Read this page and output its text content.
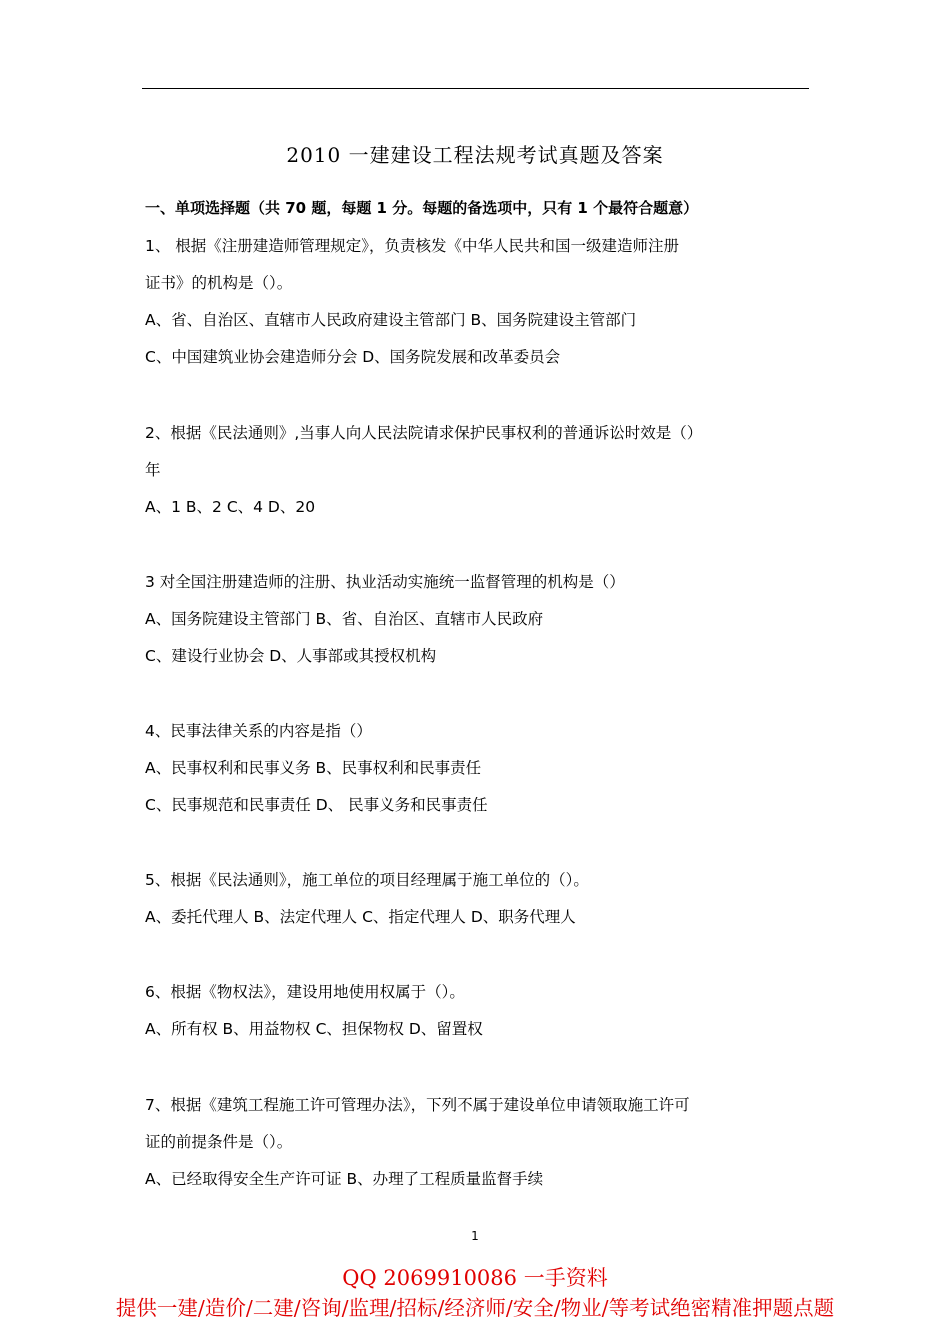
2010 一建建设工程法规考试真题及答案
一、单项选择题（共 70 题，每题 1 分。每题的备选项中，只有 1 个最符合题意）

1、 根据《注册建造师管理规定》，负责核发《中华人民共和国一级建造师注册

证书》的机构是（）。

A、省、自治区、直辖市人民政府建设主管部门 B、国务院建设主管部门

C、中国建筑业协会建造师分会 D、国务院发展和改革委员会

2、根据《民法通则》,当事人向人民法院请求保护民事权利的普通诉讼时效是（）

年

A、1 B、2 C、4 D、20

3 对全国注册建造师的注册、执业活动实施统一监督管理的机构是（）

A、国务院建设主管部门 B、省、自治区、直辖市人民政府

C、建设行业协会 D、人事部或其授权机构

4、民事法律关系的内容是指（）

A、民事权利和民事义务 B、民事权利和民事责任

C、民事规范和民事责任 D、 民事义务和民事责任

5、根据《民法通则》，施工单位的项目经理属于施工单位的（）。

A、委托代理人 B、法定代理人 C、指定代理人 D、职务代理人

6、根据《物权法》，建设用地使用权属于（）。

A、所有权 B、用益物权 C、担保物权 D、留置权

7、根据《建筑工程施工许可管理办法》，下列不属于建设单位申请领取施工许可

证的前提条件是（）。

A、已经取得安全生产许可证 B、办理了工程质量监督手续

1
QQ 2069910086 一手资料
提供一建/造价/二建/咨询/监理/招标/经济师/安全/物业/等考试绝密精准押题点题
